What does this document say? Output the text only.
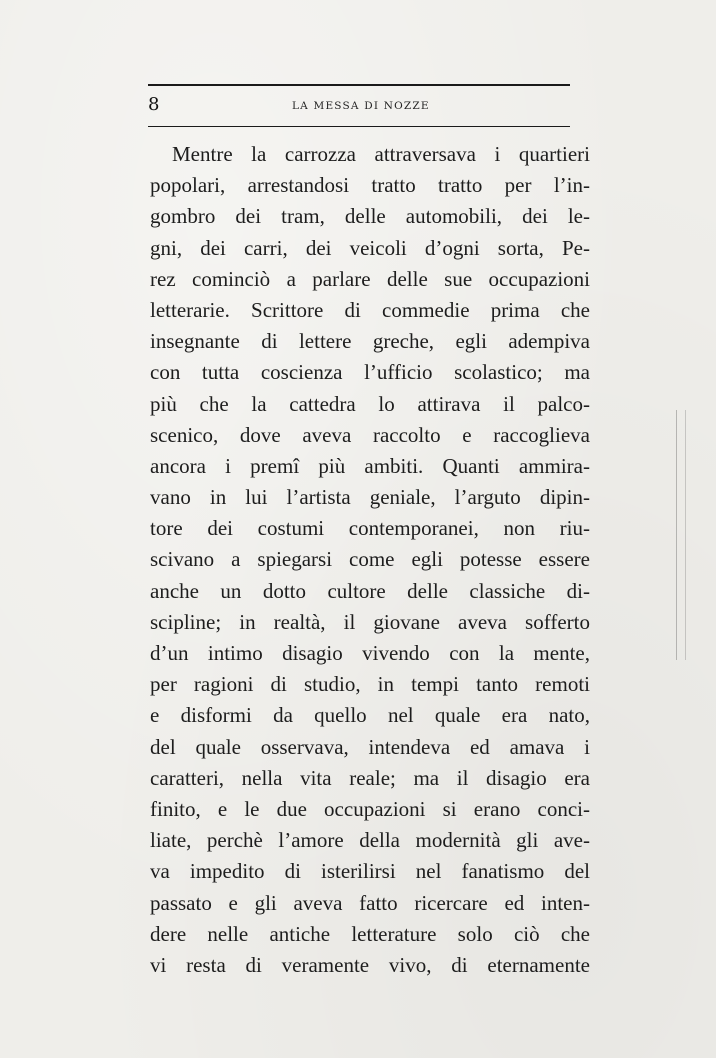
8	LA MESSA DI NOZZE
Mentre la carrozza attraversava i quartieri
popolari, arrestandosi tratto tratto per l’in-
gombro dei tram, delle automobili, dei le-
gni, dei carri, dei veicoli d’ogni sorta, Pe-
rez cominciò a parlare delle sue occupazioni
letterarie. Scrittore di commedie prima che
insegnante di lettere greche, egli adempiva
con tutta coscienza l’ufficio scolastico; ma
più che la cattedra lo attirava il palco-
scenico, dove aveva raccolto e raccoglieva
ancora i premî più ambiti. Quanti ammira-
vano in lui l’artista geniale, l’arguto dipin-
tore dei costumi contemporanei, non riu-
scivano a spiegarsi come egli potesse essere
anche un dotto cultore delle classiche di-
scipline; in realtà, il giovane aveva sofferto
d’un intimo disagio vivendo con la mente,
per ragioni di studio, in tempi tanto remoti
e disformi da quello nel quale era nato,
del quale osservava, intendeva ed amava i
caratteri, nella vita reale; ma il disagio era
finito, e le due occupazioni si erano conci-
liate, perchè l’amore della modernità gli ave-
va impedito di isterilirsi nel fanatismo del
passato e gli aveva fatto ricercare ed inten-
dere nelle antiche letterature solo ciò che
vi resta di veramente vivo, di eternamente
